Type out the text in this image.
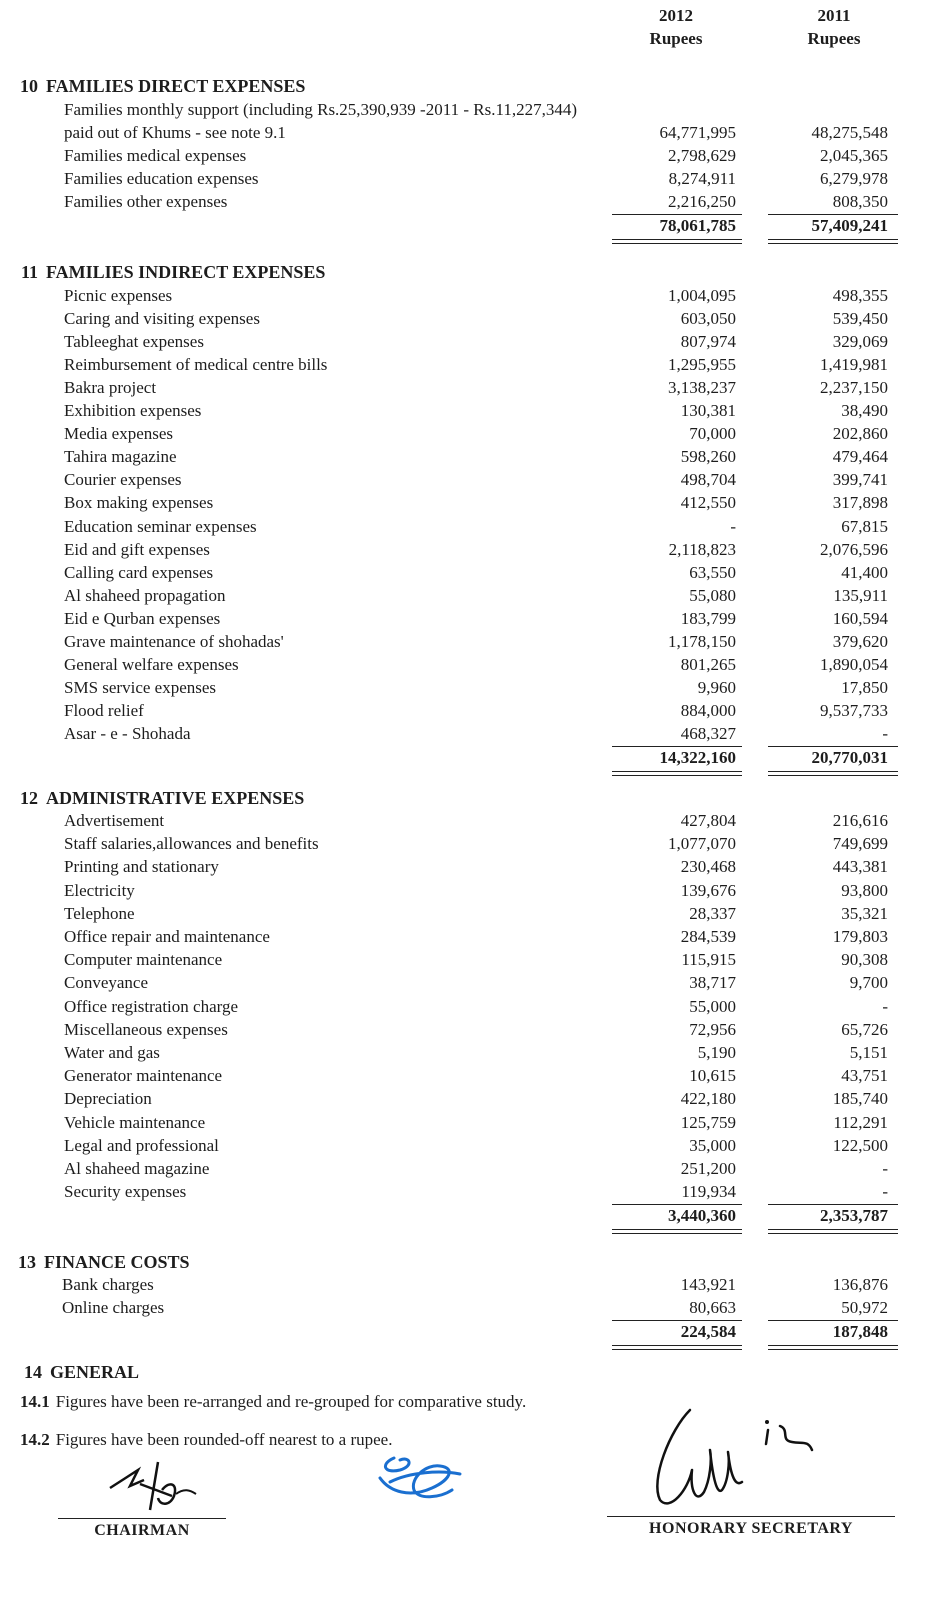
2012
Rupees
2011
Rupees
10 FAMILIES DIRECT EXPENSES
Families monthly support (including Rs.25,390,939 -2011 - Rs.11,227,344)
paid out of Khums - see note 9.1	64,771,995	48,275,548
Families medical expenses	2,798,629	2,045,365
Families education expenses	8,274,911	6,279,978
Families other expenses	2,216,250	808,350
78,061,785	57,409,241
11 FAMILIES INDIRECT EXPENSES
Picnic expenses	1,004,095	498,355
Caring and visiting expenses	603,050	539,450
Tableeghat expenses	807,974	329,069
Reimbursement of medical centre bills	1,295,955	1,419,981
Bakra project	3,138,237	2,237,150
Exhibition expenses	130,381	38,490
Media expenses	70,000	202,860
Tahira magazine	598,260	479,464
Courier expenses	498,704	399,741
Box making expenses	412,550	317,898
Education seminar expenses	-	67,815
Eid and gift expenses	2,118,823	2,076,596
Calling card expenses	63,550	41,400
Al shaheed propagation	55,080	135,911
Eid e Qurban expenses	183,799	160,594
Grave maintenance of shohadas'	1,178,150	379,620
General welfare expenses	801,265	1,890,054
SMS service expenses	9,960	17,850
Flood relief	884,000	9,537,733
Asar - e - Shohada	468,327	-
14,322,160	20,770,031
12 ADMINISTRATIVE EXPENSES
Advertisement	427,804	216,616
Staff salaries,allowances and benefits	1,077,070	749,699
Printing and stationary	230,468	443,381
Electricity	139,676	93,800
Telephone	28,337	35,321
Office repair and maintenance	284,539	179,803
Computer maintenance	115,915	90,308
Conveyance	38,717	9,700
Office registration charge	55,000	-
Miscellaneous expenses	72,956	65,726
Water and gas	5,190	5,151
Generator maintenance	10,615	43,751
Depreciation	422,180	185,740
Vehicle maintenance	125,759	112,291
Legal and professional	35,000	122,500
Al shaheed magazine	251,200	-
Security expenses	119,934	-
3,440,360	2,353,787
13 FINANCE COSTS
Bank charges	143,921	136,876
Online charges	80,663	50,972
224,584	187,848
14 GENERAL
14.1 Figures have been re-arranged and re-grouped for comparative study.
14.2 Figures have been rounded-off nearest to a rupee.
CHAIRMAN	HONORARY SECRETARY
